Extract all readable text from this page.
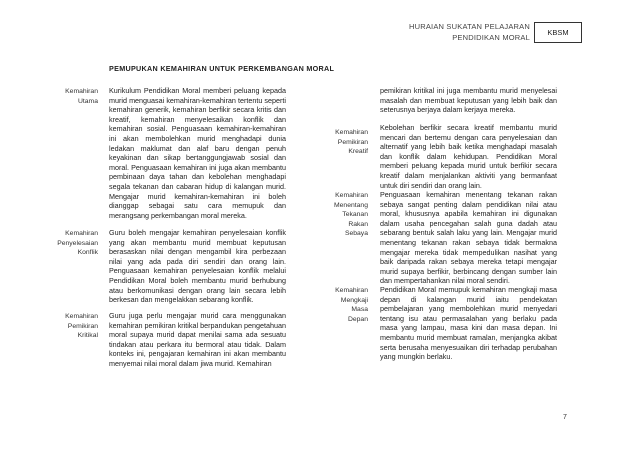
HURAIAN SUKATAN PELAJARAN
PENDIDIKAN MORAL
KBSM
PEMUPUKAN KEMAHIRAN UNTUK PERKEMBANGAN MORAL
Kemahiran
Utama

Kurikulum Pendidikan Moral memberi peluang kepada murid menguasai kemahiran-kemahiran tertentu seperti kemahiran generik, kemahiran berfikir secara kritis dan kreatif, kemahiran menyelesaikan konflik dan kemahiran sosial. Penguasaan kemahiran-kemahiran ini akan membolehkan murid menghadapi dunia ledakan maklumat dan alaf baru dengan penuh keyakinan dan sikap bertanggungjawab sosial dan moral. Penguasaan kemahiran ini juga akan membantu pembinaan daya tahan dan kebolehan menghadapi segala tekanan dan cabaran hidup di kalangan murid. Mengajar murid kemahiran-kemahiran ini boleh dianggap sebagai satu cara memupuk dan merangsang perkembangan moral mereka.

Kemahiran
Penyelesaian
Konflik

Guru boleh mengajar kemahiran penyelesaian konflik yang akan membantu murid membuat keputusan berasaskan nilai dengan mengambil kira perbezaan nilai yang ada pada diri sendiri dan orang lain. Penguasaan kemahiran penyelesaian konflik melalui Pendidikan Moral boleh membantu murid berhubung atau berkomunikasi dengan orang lain secara lebih berkesan dan mengelakkan sebarang konflik.

Kemahiran
Pemikiran
Kritikal

Guru juga perlu mengajar murid cara menggunakan kemahiran pemikiran kritikal berpandukan pengetahuan moral supaya murid dapat menilai sama ada sesuatu tindakan atau perkara itu bermoral atau tidak. Dalam konteks ini, pengajaran kemahiran ini akan membantu menyemai nilai moral dalam jiwa murid. Kemahiran

pemikiran kritikal ini juga membantu murid menyelesai masalah dan membuat keputusan yang lebih baik dan seterusnya berjaya dalam kerjaya mereka.

Kemahiran
Pemikiran
Kreatif

Kebolehan berfikir secara kreatif membantu murid mencari dan bertemu dengan cara penyelesaian dan alternatif yang lebih baik ketika menghadapi masalah dan konflik dalam kehidupan. Pendidikan Moral memberi peluang kepada murid untuk berfikir secara kreatif dalam menjalankan aktiviti yang bermanfaat untuk diri sendiri dan orang lain.

Kemahiran
Menentang
Tekanan
Rakan
Sebaya

Penguasaan kemahiran menentang tekanan rakan sebaya sangat penting dalam pendidikan nilai atau moral, khususnya apabila kemahiran ini digunakan dalam usaha pencegahan salah guna dadah atau sebarang bentuk salah laku yang lain. Mengajar murid menentang tekanan rakan sebaya tidak bermakna mengajar mereka tidak mempedulikan nasihat yang baik daripada rakan sebaya mereka tetapi mengajar murid supaya berfikir, berbincang dengan sumber lain dan mempertahankan nilai moral sendiri.

Kemahiran
Mengkaji
Masa
Depan

Pendidikan Moral memupuk kemahiran mengkaji masa depan di kalangan murid iaitu pendekatan pembelajaran yang membolehkan murid menyedari tentang isu atau permasalahan yang berlaku pada masa yang lampau, masa kini dan masa depan. Ini membantu murid membuat ramalan, menjangka akibat serta berusaha menyesuaikan diri terhadap perubahan yang mungkin berlaku.

7
